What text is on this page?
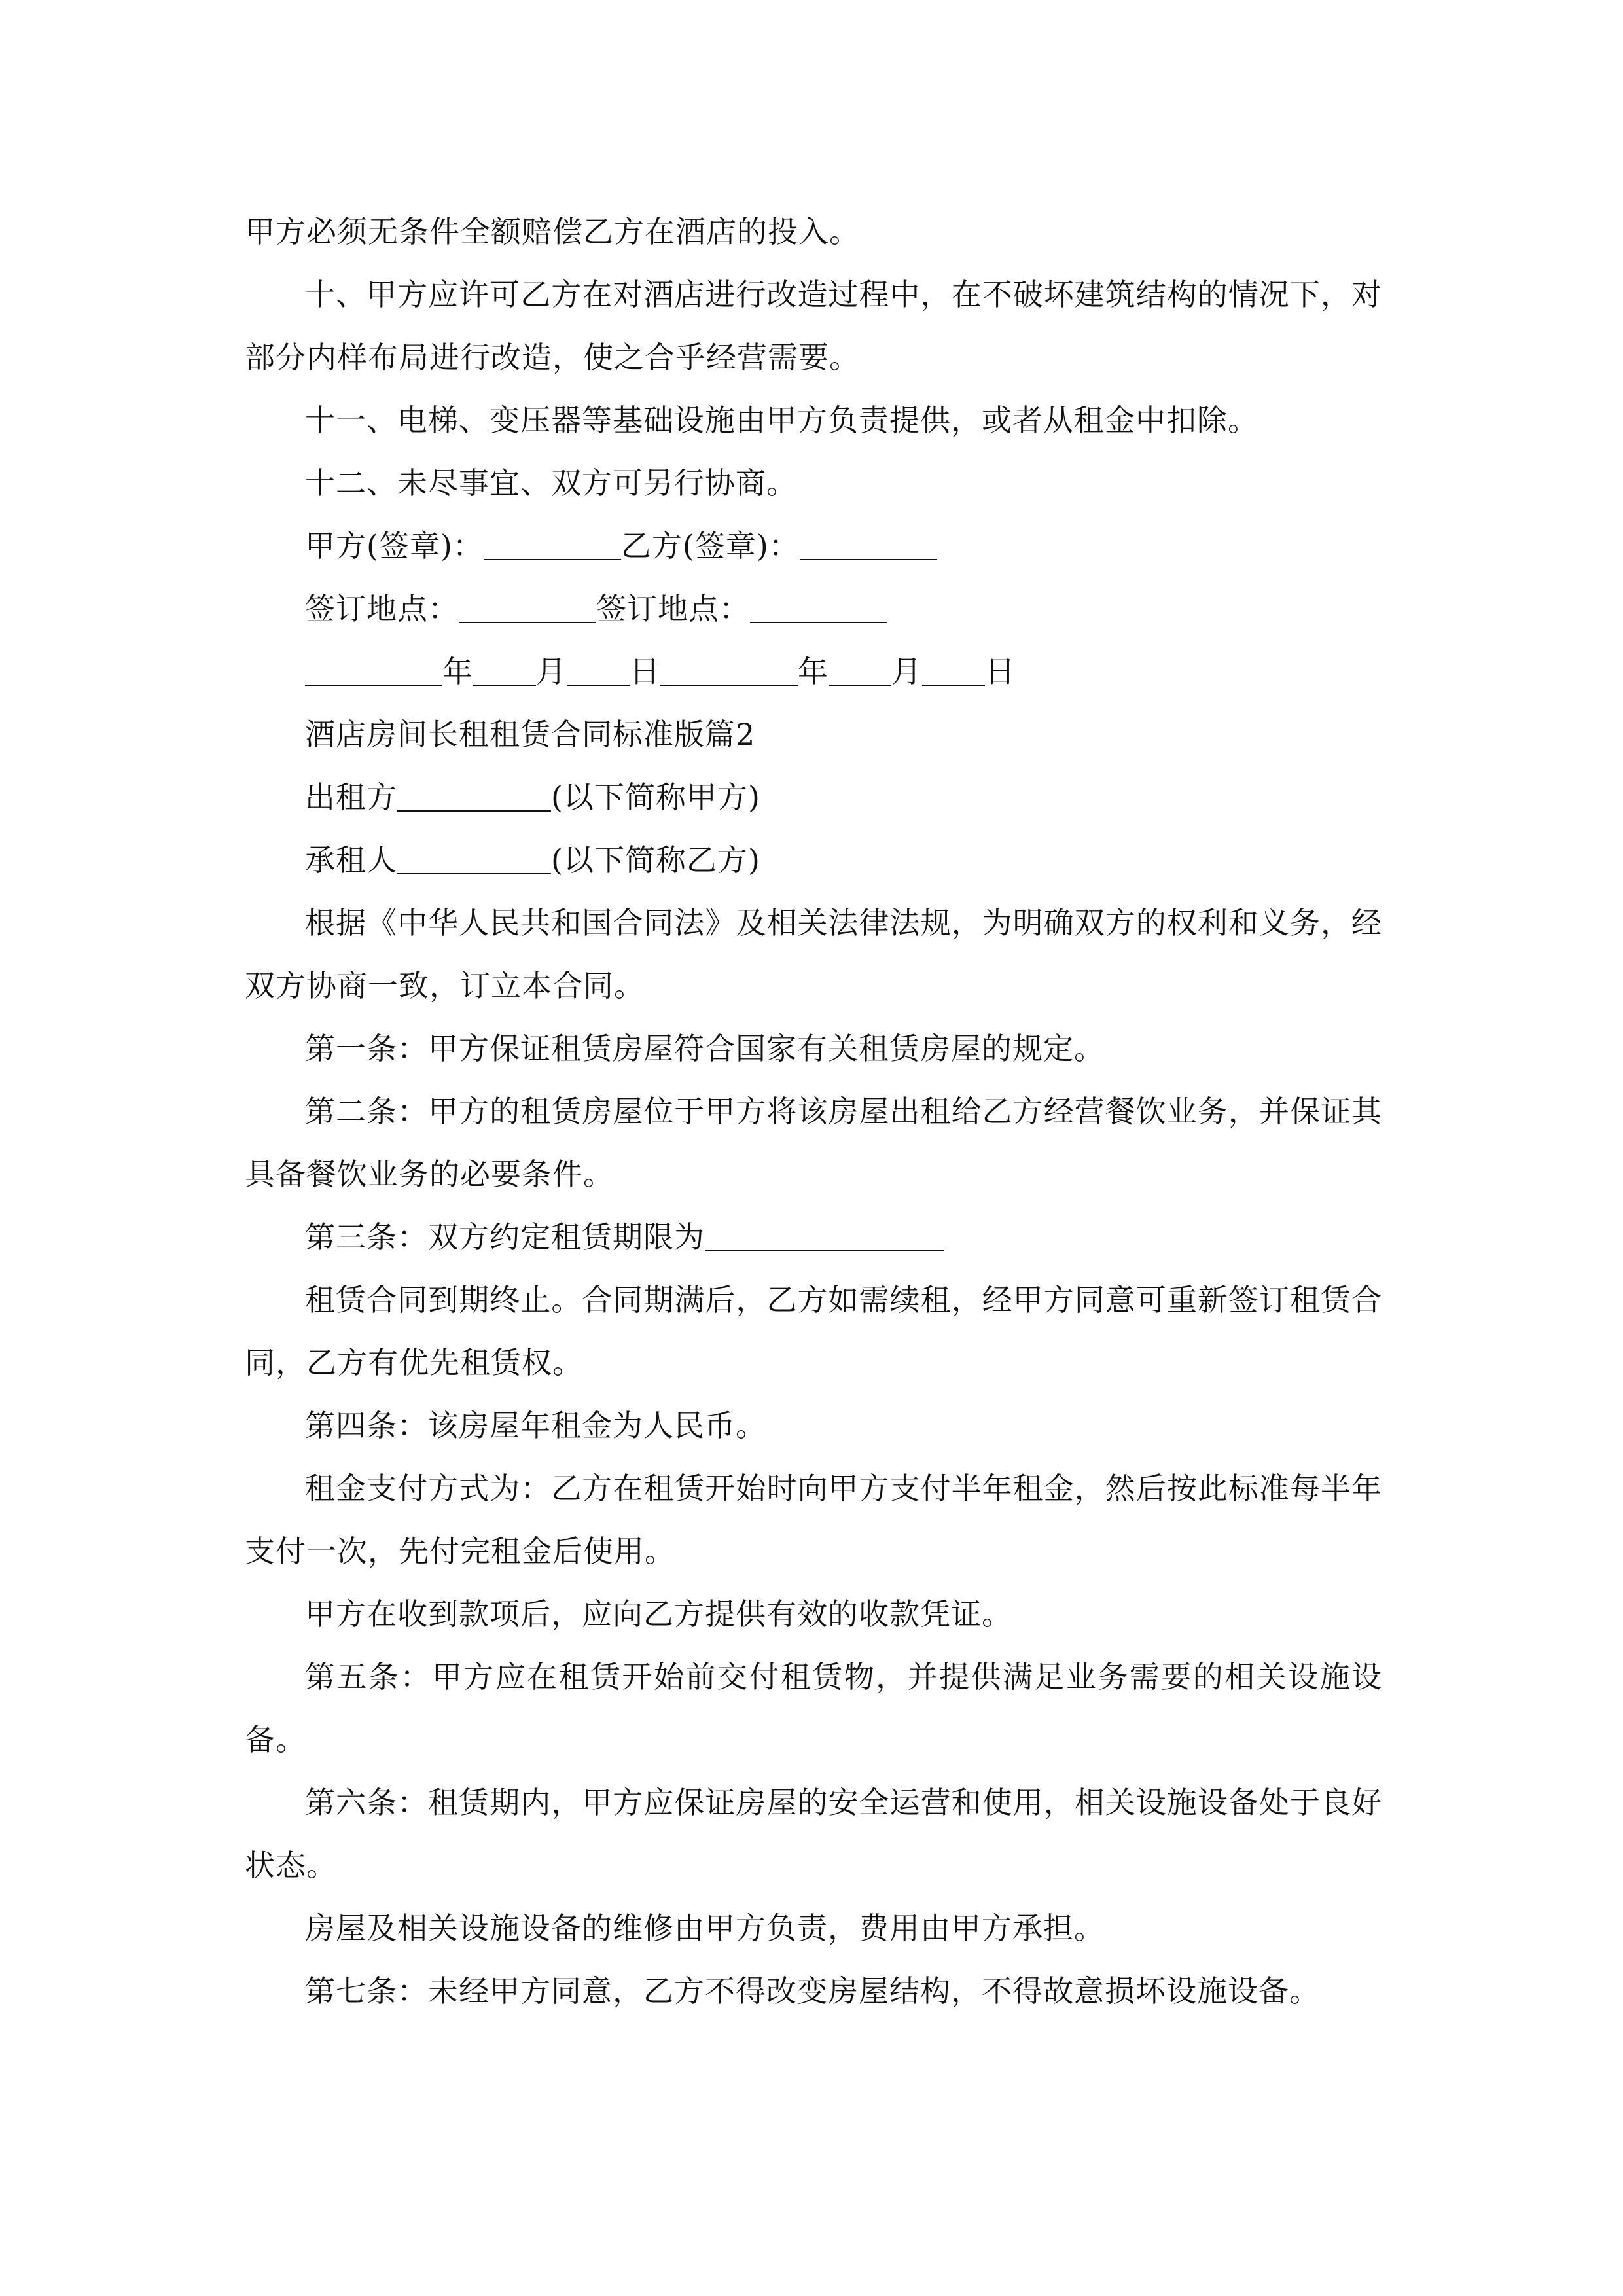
甲方必须无条件全额赔偿乙方在酒店的投入。

十、甲方应许可乙方在对酒店进行改造过程中，在不破坏建筑结构的情况下，对部分内样布局进行改造，使之合乎经营需要。

十一、电梯、变压器等基础设施由甲方负责提供，或者从租金中扣除。

十二、未尽事宜、双方可另行协商。

甲方(签章)：	乙方(签章)：

签订地点：	签订地点：

年 月 日	年 月 日

酒店房间长租租赁合同标准版篇2

出租方	(以下简称甲方)

承租人	(以下简称乙方)

根据《中华人民共和国合同法》及相关法律法规，为明确双方的权利和义务，经双方协商一致，订立本合同。

第一条：甲方保证租赁房屋符合国家有关租赁房屋的规定。

第二条：甲方的租赁房屋位于甲方将该房屋出租给乙方经营餐饮业务，并保证其具备餐饮业务的必要条件。

第三条：双方约定租赁期限为

租赁合同到期终止。合同期满后，乙方如需续租，经甲方同意可重新签订租赁合同，乙方有优先租赁权。

第四条：该房屋年租金为人民币。

租金支付方式为：乙方在租赁开始时向甲方支付半年租金，然后按此标准每半年支付一次，先付完租金后使用。

甲方在收到款项后，应向乙方提供有效的收款凭证。

第五条：甲方应在租赁开始前交付租赁物，并提供满足业务需要的相关设施设备。

第六条：租赁期内，甲方应保证房屋的安全运营和使用，相关设施设备处于良好状态。

房屋及相关设施设备的维修由甲方负责，费用由甲方承担。

第七条：未经甲方同意，乙方不得改变房屋结构，不得故意损坏设施设备。
